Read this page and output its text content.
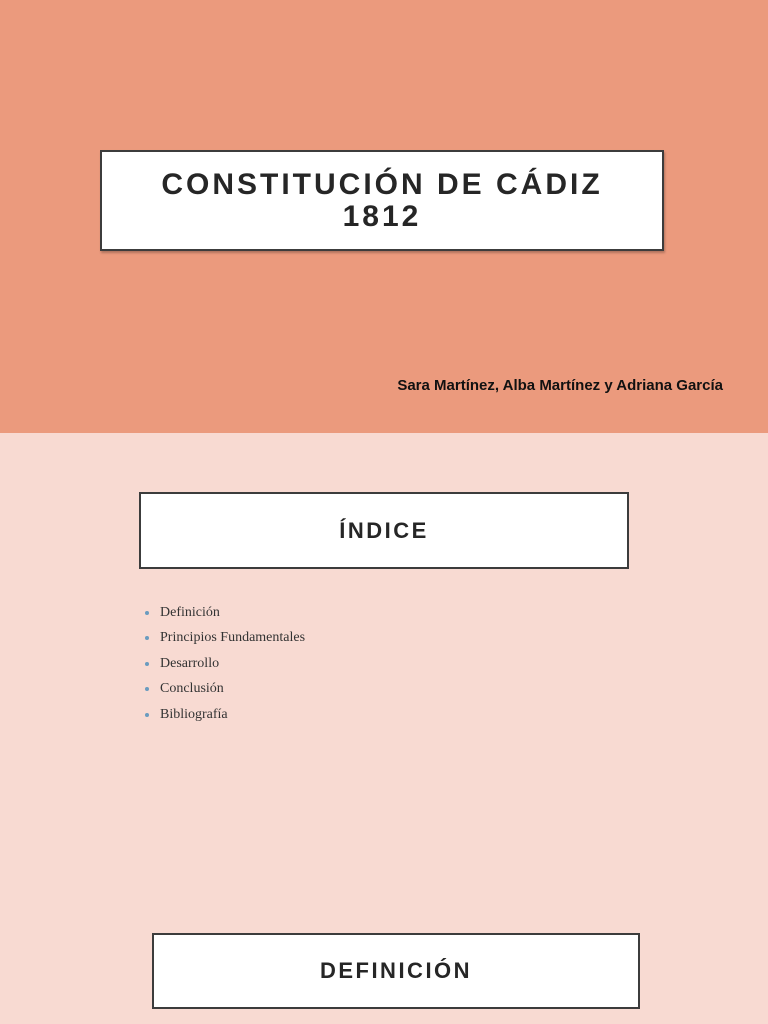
CONSTITUCIÓN DE CÁDIZ
1812
Sara Martínez, Alba Martínez y Adriana García
ÍNDICE
Definición
Principios Fundamentales
Desarrollo
Conclusión
Bibliografía
DEFINICIÓN
